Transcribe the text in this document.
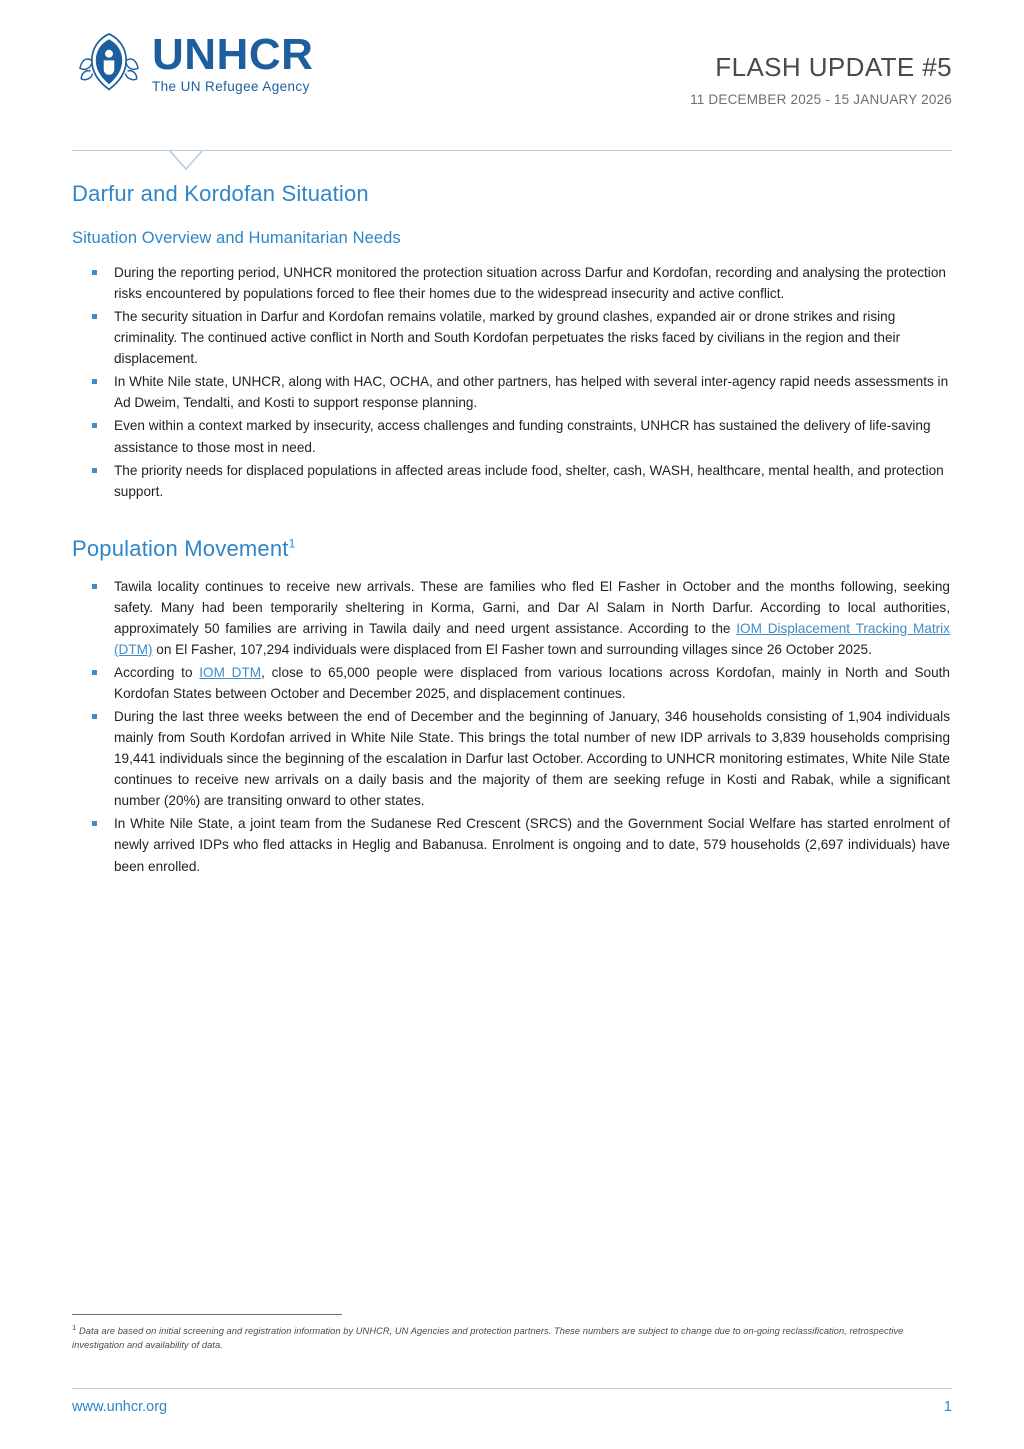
UNHCR
The UN Refugee Agency
FLASH UPDATE #5
11 DECEMBER 2025 - 15 JANUARY 2026
Darfur and Kordofan Situation
Situation Overview and Humanitarian Needs
During the reporting period, UNHCR monitored the protection situation across Darfur and Kordofan, recording and analysing the protection risks encountered by populations forced to flee their homes due to the widespread insecurity and active conflict.
The security situation in Darfur and Kordofan remains volatile, marked by ground clashes, expanded air or drone strikes and rising criminality. The continued active conflict in North and South Kordofan perpetuates the risks faced by civilians in the region and their displacement.
In White Nile state, UNHCR, along with HAC, OCHA, and other partners, has helped with several inter-agency rapid needs assessments in Ad Dweim, Tendalti, and Kosti to support response planning.
Even within a context marked by insecurity, access challenges and funding constraints, UNHCR has sustained the delivery of life-saving assistance to those most in need.
The priority needs for displaced populations in affected areas include food, shelter, cash, WASH, healthcare, mental health, and protection support.
Population Movement$^1$
Tawila locality continues to receive new arrivals. These are families who fled El Fasher in October and the months following, seeking safety. Many had been temporarily sheltering in Korma, Garni, and Dar Al Salam in North Darfur. According to local authorities, approximately 50 families are arriving in Tawila daily and need urgent assistance. According to the IOM Displacement Tracking Matrix (DTM) on El Fasher, 107,294 individuals were displaced from El Fasher town and surrounding villages since 26 October 2025.
According to IOM DTM, close to 65,000 people were displaced from various locations across Kordofan, mainly in North and South Kordofan States between October and December 2025, and displacement continues.
During the last three weeks between the end of December and the beginning of January, 346 households consisting of 1,904 individuals mainly from South Kordofan arrived in White Nile State. This brings the total number of new IDP arrivals to 3,839 households comprising 19,441 individuals since the beginning of the escalation in Darfur last October. According to UNHCR monitoring estimates, White Nile State continues to receive new arrivals on a daily basis and the majority of them are seeking refuge in Kosti and Rabak, while a significant number (20%) are transiting onward to other states.
In White Nile State, a joint team from the Sudanese Red Crescent (SRCS) and the Government Social Welfare has started enrolment of newly arrived IDPs who fled attacks in Heglig and Babanusa. Enrolment is ongoing and to date, 579 households (2,697 individuals) have been enrolled.
$^1$ Data are based on initial screening and registration information by UNHCR, UN Agencies and protection partners. These numbers are subject to change due to on-going reclassification, retrospective investigation and availability of data.
www.unhcr.org	1
